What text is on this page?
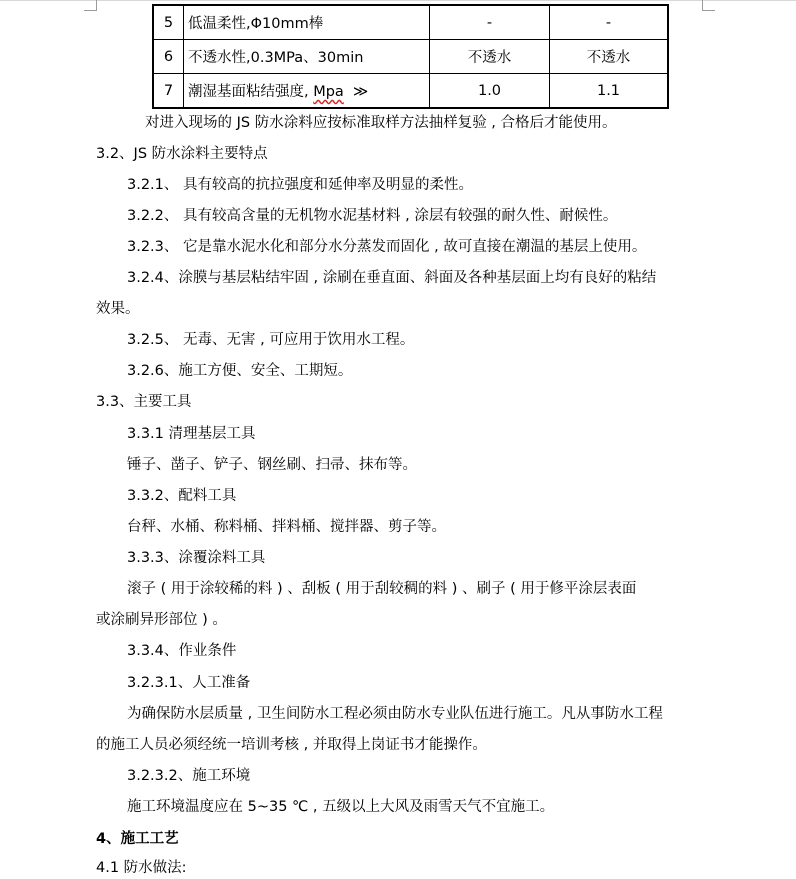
5	低温柔性,Φ10mm棒	-	-
6	不透水性,0.3MPa、30min	不透水	不透水
7	潮湿基面粘结强度, Mpa  ≫	1.0	1.1
对进入现场的 JS 防水涂料应按标准取样方法抽样复验 , 合格后才能使用。
3.2、JS 防水涂料主要特点
3.2.1、 具有较高的抗拉强度和延伸率及明显的柔性。
3.2.2、 具有较高含量的无机物水泥基材料 , 涂层有较强的耐久性、耐候性。
3.2.3、 它是靠水泥水化和部分水分蒸发而固化 , 故可直接在潮温的基层上使用。
3.2.4、涂膜与基层粘结牢固 , 涂刷在垂直面、斜面及各种基层面上均有良好的粘结
效果。
3.2.5、 无毒、无害 , 可应用于饮用水工程。
3.2.6、施工方便、安全、工期短。
3.3、主要工具
3.3.1 清理基层工具
锤子、凿子、铲子、钢丝刷、扫帚、抹布等。
3.3.2、配料工具
台秤、水桶、称料桶、拌料桶、搅拌器、剪子等。
3.3.3、涂覆涂料工具
滚子 ( 用于涂较稀的料 ) 、刮板 ( 用于刮较稠的料 ) 、刷子 ( 用于修平涂层表面
或涂刷异形部位 ) 。
3.3.4、作业条件
3.2.3.1、人工准备
为确保防水层质量 , 卫生间防水工程必须由防水专业队伍进行施工。凡从事防水工程
的施工人员必须经统一培训考核 , 并取得上岗证书才能操作。
3.2.3.2、施工环境
施工环境温度应在 5~35 ℃ , 五级以上大风及雨雪天气不宜施工。
4、施工工艺
4.1 防水做法:
